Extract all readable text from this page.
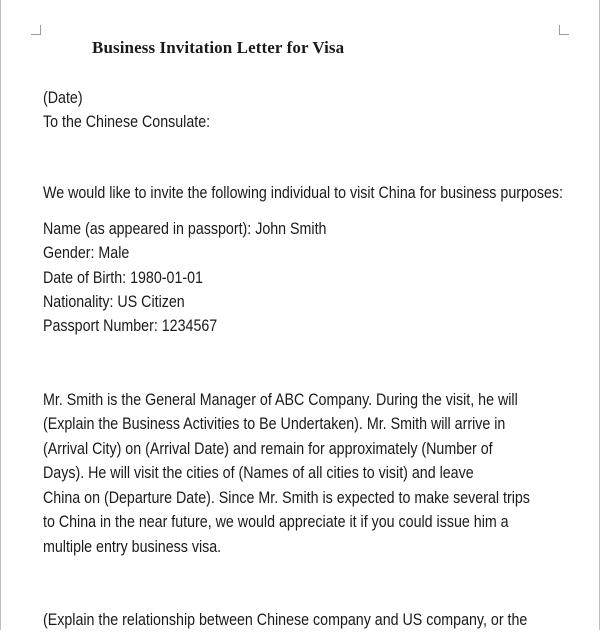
Business Invitation Letter for Visa
(Date)
To the Chinese Consulate:
We would like to invite the following individual to visit China for business purposes:
Name (as appeared in passport): John Smith
Gender: Male
Date of Birth: 1980-01-01
Nationality: US Citizen
Passport Number: 1234567
Mr. Smith is the General Manager of ABC Company. During the visit, he will
(Explain the Business Activities to Be Undertaken). Mr. Smith will arrive in
(Arrival City) on (Arrival Date) and remain for approximately (Number of
Days). He will visit the cities of (Names of all cities to visit) and leave
China on (Departure Date). Since Mr. Smith is expected to make several trips
to China in the near future, we would appreciate it if you could issue him a
multiple entry business visa.
(Explain the relationship between Chinese company and US company, or the
